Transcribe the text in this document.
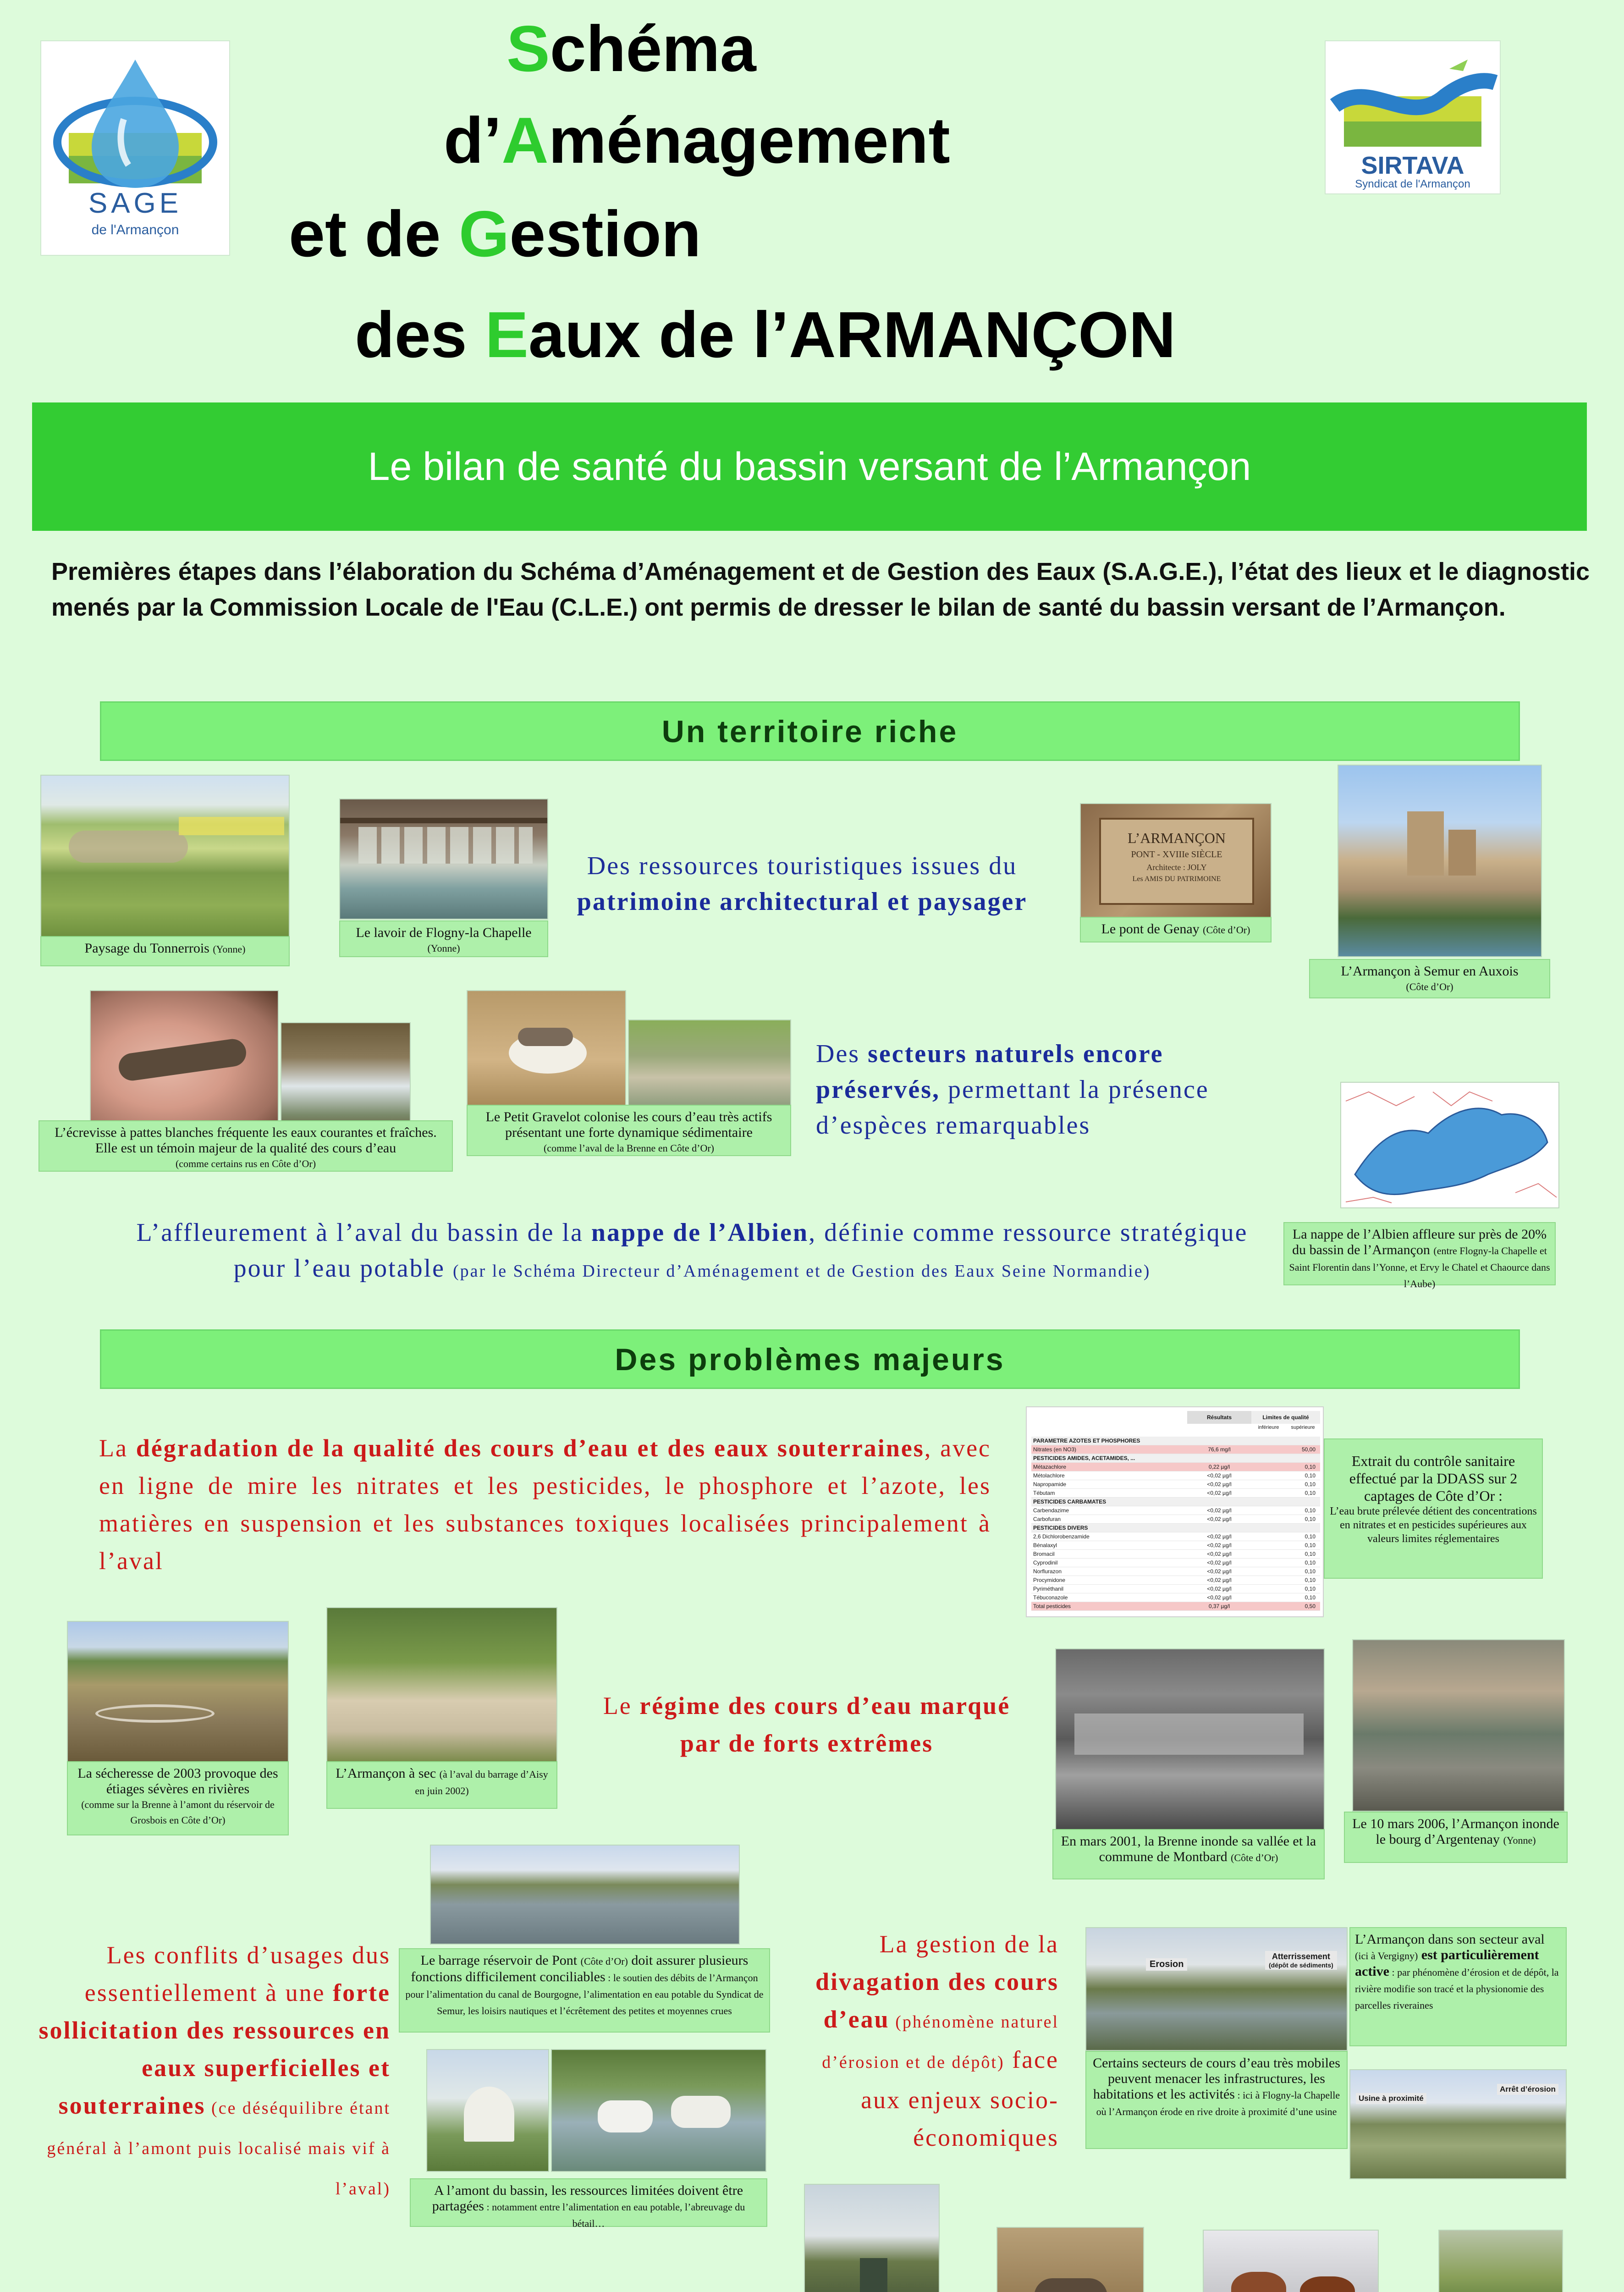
SAGE
de l'Armançon
SIRTAVA
Syndicat de l'Armançon
Schéma
d’Aménagement
et de Gestion
des Eaux de l’ARMANÇON
Le bilan de santé du bassin versant de l’Armançon
Premières étapes dans l’élaboration du Schéma d’Aménagement et de Gestion des Eaux (S.A.G.E.), l’état des lieux et le diagnostic menés par la Commission Locale de l'Eau (C.L.E.) ont permis de dresser le bilan de santé du bassin versant de l’Armançon.
Un territoire riche
Paysage du Tonnerrois (Yonne)
Le lavoir de Flogny-la Chapelle
(Yonne)
Des ressources touristiques issues du
patrimoine architectural et paysager
L’ARMANÇON
PONT - XVIIIe SIÈCLE
Architecte : JOLY
Les AMIS DU PATRIMOINE
Le pont de Genay (Côte d’Or)
L’Armançon à Semur en Auxois
(Côte d’Or)
L’écrevisse à pattes blanches fréquente les eaux courantes et fraîches. Elle est un témoin majeur de la qualité des cours d’eau
(comme certains rus en Côte d’Or)
Le Petit Gravelot colonise les cours d’eau très actifs présentant une forte dynamique sédimentaire
(comme l’aval de la Brenne en Côte d’Or)
Des secteurs naturels encore préservés, permettant la présence d’espèces remarquables
La nappe de l’Albien affleure sur près de 20% du bassin de l’Armançon (entre Flogny-la Chapelle et Saint Florentin dans l’Yonne, et Ervy le Chatel et Chaource dans l’Aube)
L’affleurement à l’aval du bassin de la nappe de l’Albien, définie comme ressource stratégique pour l’eau potable (par le Schéma Directeur d’Aménagement et de Gestion des Eaux Seine Normandie)
Des problèmes majeurs
La dégradation de la qualité des cours d’eau et des eaux souterraines, avec en ligne de mire les nitrates et les pesticides, le phosphore et l’azote, les matières en suspension et les substances toxiques localisées principalement à l’aval
Résultats	Limites de qualité
inférieure	supérieure
PARAMETRE AZOTES ET PHOSPHORES
Nitrates (en NO3)	76,6 mg/l	50,00
PESTICIDES AMIDES, ACETAMIDES, ...
Métazachlore	0,22 µg/l	0,10
Métolachlore	<0,02 µg/l	0,10
Napropamide	<0,02 µg/l	0,10
Tébutam	<0,02 µg/l	0,10
PESTICIDES CARBAMATES
Carbendazime	<0,02 µg/l	0,10
Carbofuran	<0,02 µg/l	0,10
PESTICIDES DIVERS
2,6 Dichlorobenzamide	<0,02 µg/l	0,10
Bénalaxyl	<0,02 µg/l	0,10
Bromacil	<0,02 µg/l	0,10
Cyprodinil	<0,02 µg/l	0,10
Norflurazon	<0,02 µg/l	0,10
Procymidone	<0,02 µg/l	0,10
Pyriméthanil	<0,02 µg/l	0,10
Tébuconazole	<0,02 µg/l	0,10
Total pesticides	0,37 µg/l	0,50
Extrait du contrôle sanitaire effectué par la DDASS sur 2 captages de Côte d’Or :
L’eau brute prélevée détient des concentrations en nitrates et en pesticides supérieures aux valeurs limites réglementaires
La sécheresse de 2003 provoque des étiages sévères en rivières
(comme sur la Brenne à l’amont du réservoir de Grosbois en Côte d’Or)
L’Armançon à sec (à l’aval du barrage d’Aisy en juin 2002)
Le régime des cours d’eau marqué par de forts extrêmes
En mars 2001, la Brenne inonde sa vallée et la commune de Montbard (Côte d’Or)
Le 10 mars 2006, l’Armançon inonde le bourg d’Argentenay (Yonne)
Le barrage réservoir de Pont (Côte d’Or) doit assurer plusieurs fonctions difficilement conciliables : le soutien des débits de l’Armançon pour l’alimentation du canal de Bourgogne, l’alimentation en eau potable du Syndicat de Semur, les loisirs nautiques et l’écrêtement des petites et moyennes crues
Les conflits d’usages dus essentiellement à une forte sollicitation des ressources en eaux superficielles et souterraines (ce déséquilibre étant général à l’amont puis localisé mais vif à l’aval)	A l’amont du bassin, les ressources limitées doivent être partagées : notamment entre l’alimentation en eau potable, l’abreuvage du bétail…
La gestion de la divagation des cours d’eau (phénomène naturel d’érosion et de dépôt) face aux enjeux socio-économiques
Erosion
Atterrissement
(dépôt de sédiments)
L’Armançon dans son secteur aval (ici à Vergigny) est particulièrement active : par phénomène d’érosion et de dépôt, la rivière modifie son tracé et la physionomie des parcelles riveraines
Certains secteurs de cours d’eau très mobiles peuvent menacer les infrastructures, les habitations et les activités : ici à Flogny-la Chapelle où l’Armançon érode en rive droite à proximité d’une usine
Usine à proximité
Arrêt d’érosion
